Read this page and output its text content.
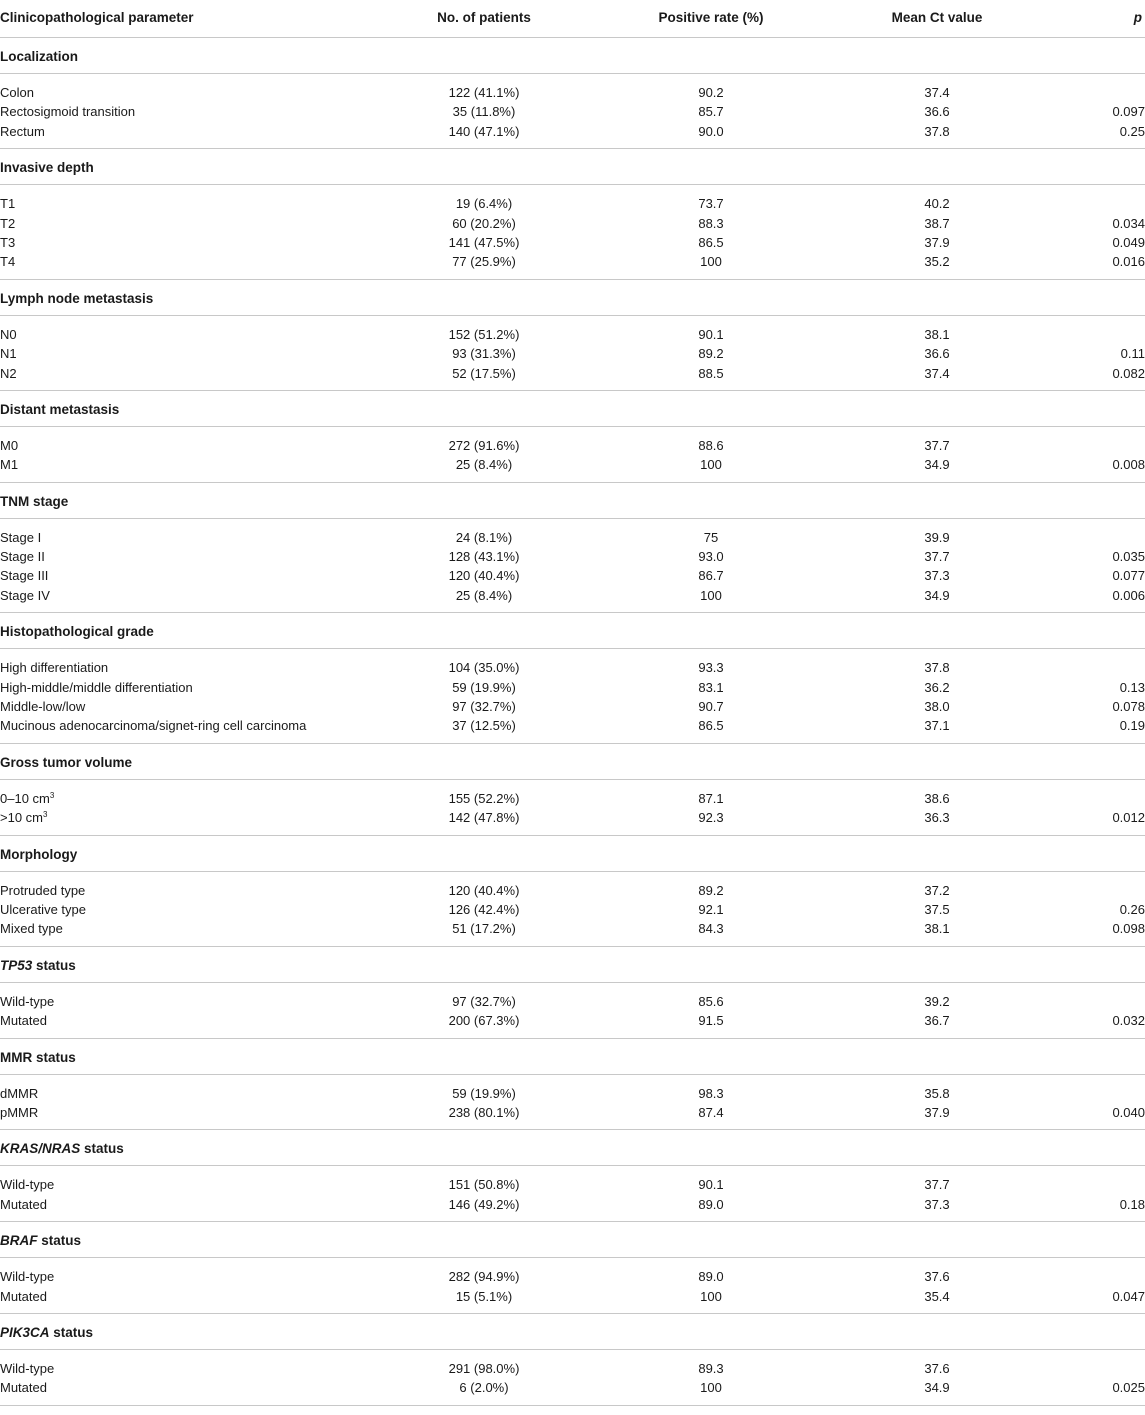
Clinicopathological parameter	No. of patients	Positive rate (%)	Mean Ct value	p
Localization
Colon	122 (41.1%)	90.2	37.4
Rectosigmoid transition	35 (11.8%)	85.7	36.6	0.097
Rectum	140 (47.1%)	90.0	37.8	0.25
Invasive depth
T1	19 (6.4%)	73.7	40.2
T2	60 (20.2%)	88.3	38.7	0.034
T3	141 (47.5%)	86.5	37.9	0.049
T4	77 (25.9%)	100	35.2	0.016
Lymph node metastasis
N0	152 (51.2%)	90.1	38.1
N1	93 (31.3%)	89.2	36.6	0.11
N2	52 (17.5%)	88.5	37.4	0.082
Distant metastasis
M0	272 (91.6%)	88.6	37.7
M1	25 (8.4%)	100	34.9	0.008
TNM stage
Stage I	24 (8.1%)	75	39.9
Stage II	128 (43.1%)	93.0	37.7	0.035
Stage III	120 (40.4%)	86.7	37.3	0.077
Stage IV	25 (8.4%)	100	34.9	0.006
Histopathological grade
High differentiation	104 (35.0%)	93.3	37.8
High-middle/middle differentiation	59 (19.9%)	83.1	36.2	0.13
Middle-low/low	97 (32.7%)	90.7	38.0	0.078
Mucinous adenocarcinoma/signet-ring cell carcinoma	37 (12.5%)	86.5	37.1	0.19
Gross tumor volume
0–10 $cm^3$	155 (52.2%)	87.1	38.6
>10 $cm^3$	142 (47.8%)	92.3	36.3	0.012
Morphology
Protruded type	120 (40.4%)	89.2	37.2
Ulcerative type	126 (42.4%)	92.1	37.5	0.26
Mixed type	51 (17.2%)	84.3	38.1	0.098
TP53 status
Wild-type	97 (32.7%)	85.6	39.2
Mutated	200 (67.3%)	91.5	36.7	0.032
MMR status
dMMR	59 (19.9%)	98.3	35.8
pMMR	238 (80.1%)	87.4	37.9	0.040
KRAS/NRAS status
Wild-type	151 (50.8%)	90.1	37.7
Mutated	146 (49.2%)	89.0	37.3	0.18
BRAF status
Wild-type	282 (94.9%)	89.0	37.6
Mutated	15 (5.1%)	100	35.4	0.047
PIK3CA status
Wild-type	291 (98.0%)	89.3	37.6
Mutated	6 (2.0%)	100	34.9	0.025
